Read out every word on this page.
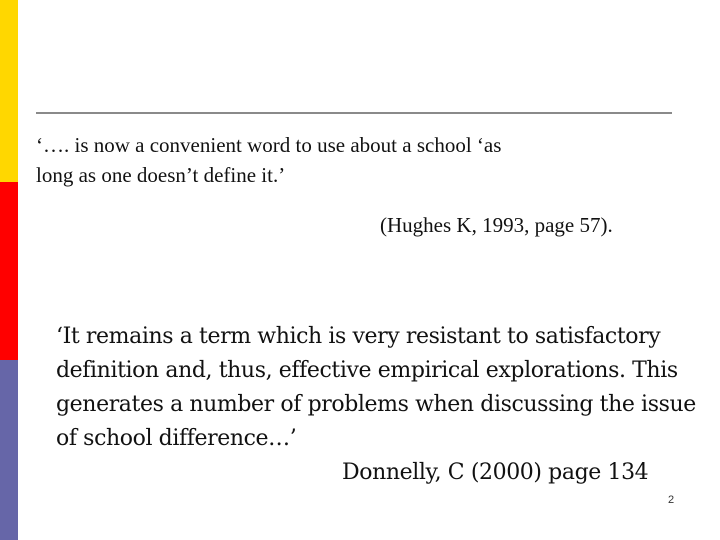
‘…. is now a convenient word to use about a school ‘as
long as one doesn’t define it.’
(Hughes K, 1993, page 57).
‘It remains a term which is very resistant to satisfactory
definition and, thus, effective empirical explorations. This
generates a number of problems when discussing the issue
of school difference…’
Donnelly, C (2000) page 134
2
